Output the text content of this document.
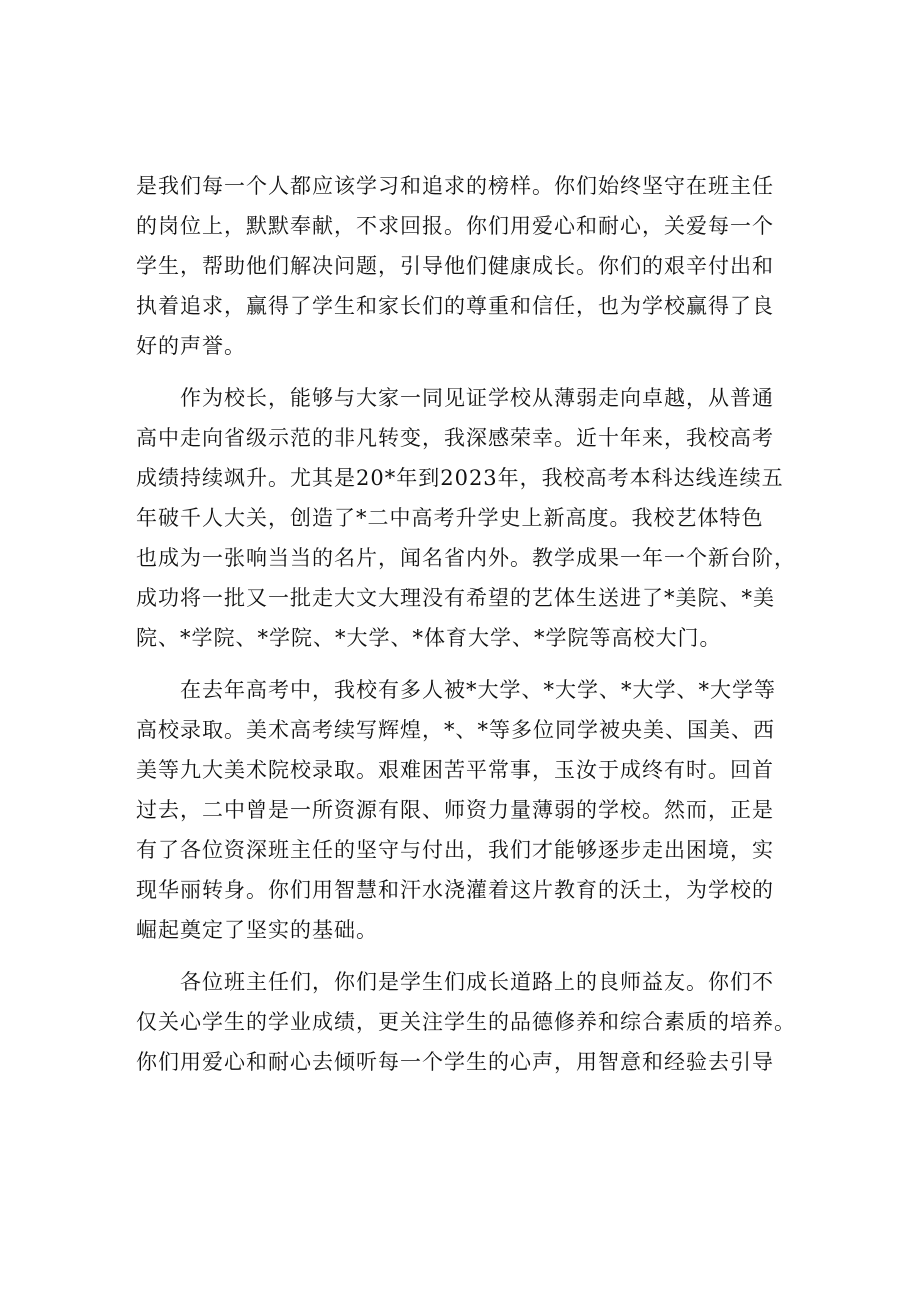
是我们每一个人都应该学习和追求的榜样。你们始终坚守在班主任
的岗位上，默默奉献，不求回报。你们用爱心和耐心，关爱每一个
学生，帮助他们解决问题，引导他们健康成长。你们的艰辛付出和
执着追求，赢得了学生和家长们的尊重和信任，也为学校赢得了良
好的声誉。

作为校长，能够与大家一同见证学校从薄弱走向卓越，从普通
高中走向省级示范的非凡转变，我深感荣幸。近十年来，我校高考
成绩持续飒升。尤其是20*年到2023年，我校高考本科达线连续五
年破千人大关，创造了*二中高考升学史上新高度。我校艺体特色
也成为一张响当当的名片，闻名省内外。教学成果一年一个新台阶，
成功将一批又一批走大文大理没有希望的艺体生送进了*美院、*美
院、*学院、*学院、*大学、*体育大学、*学院等高校大门。

在去年高考中，我校有多人被*大学、*大学、*大学、*大学等
高校录取。美术高考续写辉煌，*、*等多位同学被央美、国美、西
美等九大美术院校录取。艰难困苦平常事，玉汝于成终有时。回首
过去，二中曾是一所资源有限、师资力量薄弱的学校。然而，正是
有了各位资深班主任的坚守与付出，我们才能够逐步走出困境，实
现华丽转身。你们用智慧和汗水浇灌着这片教育的沃土，为学校的
崛起奠定了坚实的基础。

各位班主任们，你们是学生们成长道路上的良师益友。你们不
仅关心学生的学业成绩，更关注学生的品德修养和综合素质的培养。
你们用爱心和耐心去倾听每一个学生的心声，用智意和经验去引导
